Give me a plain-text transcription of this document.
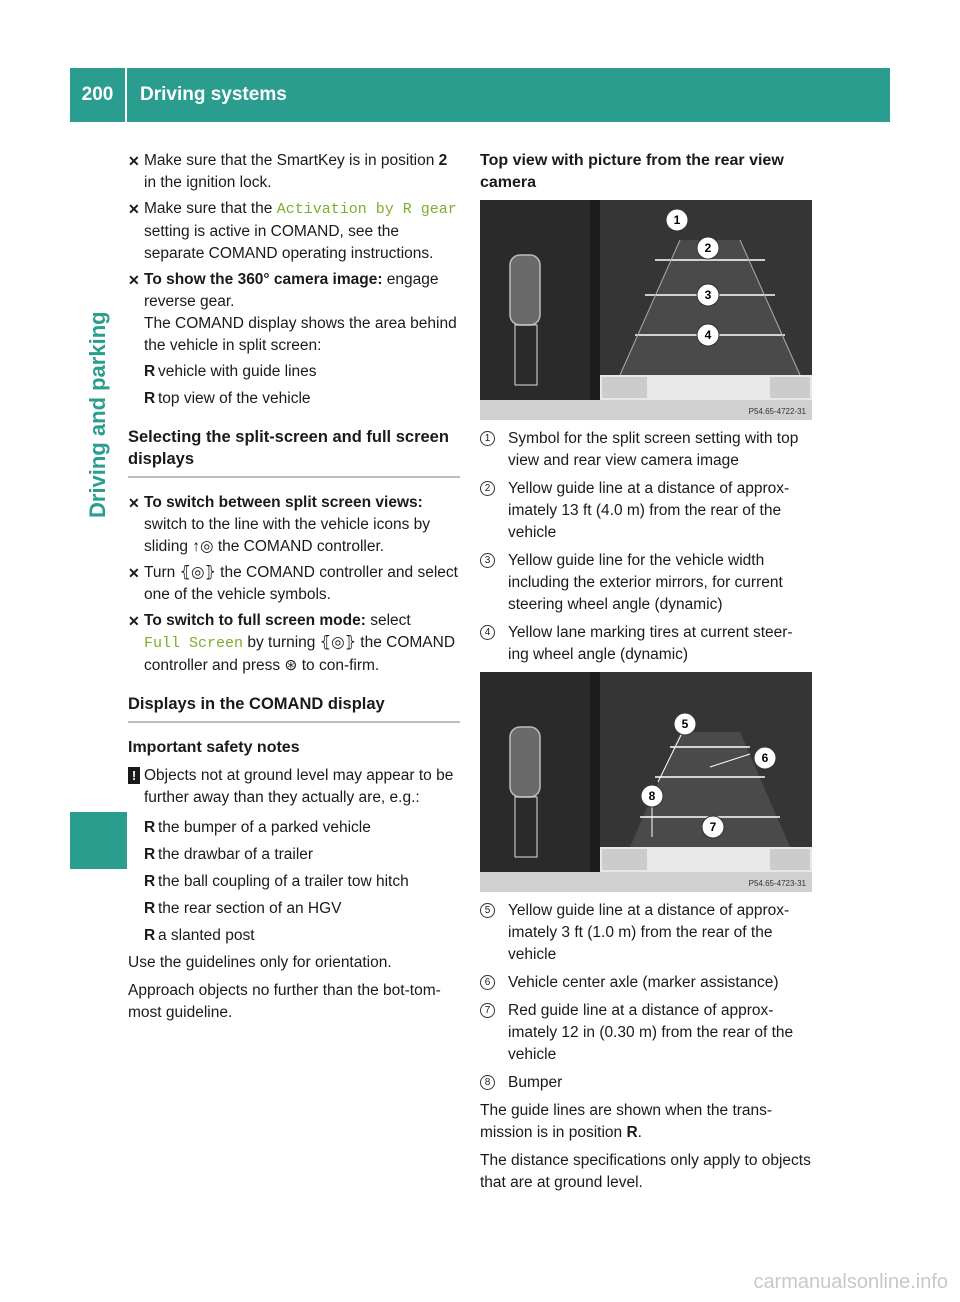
200	Driving systems
Driving and parking
✕ Make sure that the SmartKey is in position 2 in the ignition lock.
✕ Make sure that the Activation by R gear setting is active in COMAND, see the separate COMAND operating instructions.
✕ To show the 360° camera image: engage reverse gear.
The COMAND display shows the area behind the vehicle in split screen:
R vehicle with guide lines
R top view of the vehicle
Selecting the split-screen and full screen displays
✕ To switch between split screen views: switch to the line with the vehicle icons by sliding ↑◎ the COMAND controller.
✕ Turn ⦃◎⦄ the COMAND controller and select one of the vehicle symbols.
✕ To switch to full screen mode: select
Full Screen by turning ⦃◎⦄ the COMAND controller and press ⊛ to con-firm.
Displays in the COMAND display
Important safety notes
! Objects not at ground level may appear to be further away than they actually are, e.g.:
R the bumper of a parked vehicle
R the drawbar of a trailer
R the ball coupling of a trailer tow hitch
R the rear section of an HGV
R a slanted post
Use the guidelines only for orientation.
Approach objects no further than the bot-tom-most guideline.
Top view with picture from the rear view camera
P54.65-4722-31
1
2
3
4
1	Symbol for the split screen setting with top view and rear view camera image
2	Yellow guide line at a distance of approx-imately 13 ft (4.0 m) from the rear of the vehicle
3	Yellow guide line for the vehicle width including the exterior mirrors, for current steering wheel angle (dynamic)
4	Yellow lane marking tires at current steer-ing wheel angle (dynamic)
P54.65-4723-31
5
6
7
8
5	Yellow guide line at a distance of approx-imately 3 ft (1.0 m) from the rear of the vehicle
6	Vehicle center axle (marker assistance)
7	Red guide line at a distance of approx-imately 12 in (0.30 m) from the rear of the vehicle
8	Bumper
The guide lines are shown when the trans-mission is in position R.
The distance specifications only apply to objects that are at ground level.
carmanualsonline.info
